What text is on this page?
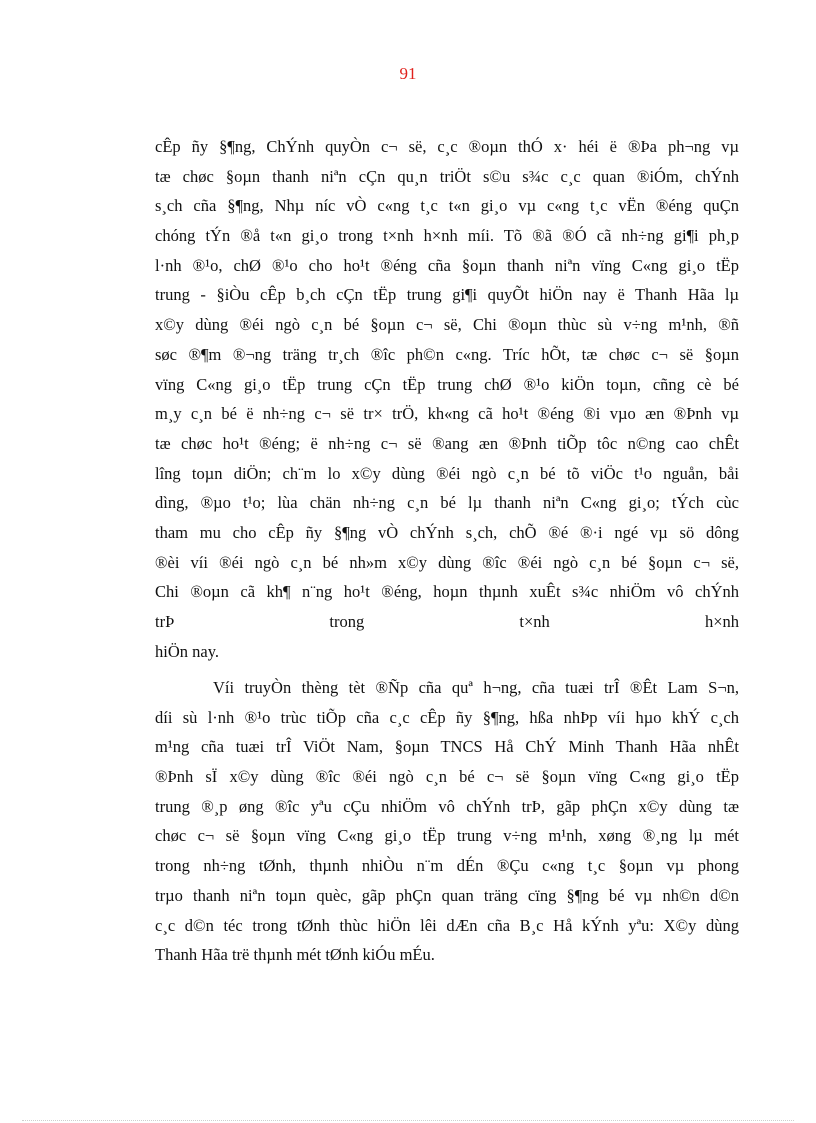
91
cÊp ñy §¶ng, ChÝnh quyÒn c¬ së, c¸c ®oµn thÓ x· héi ë ®Þa ph¬ng vµ
tæ chøc §oµn thanh niªn cÇn qu¸n triÖt s©u s¾c c¸c quan ®iÓm, chÝnh
s¸ch cña §¶ng, Nhµ níc vÒ c«ng t¸c t«n gi¸o vµ c«ng t¸c vËn ®éng quÇn
chóng tÝn ®å t«n gi¸o trong t×nh h×nh míi. Tõ ®ã ®Ó cã nh÷ng gi¶i ph¸p
l·nh ®¹o, chØ ®¹o cho ho¹t ®éng cña §oµn thanh niªn vïng C«ng gi¸o tËp
trung - §iÒu cÊp b¸ch cÇn tËp trung gi¶i quyÕt hiÖn nay ë Thanh Hãa lµ
x©y dùng ®éi ngò c¸n bé §oµn c¬ së, Chi ®oµn thùc sù v÷ng m¹nh, ®ñ
søc ®¶m ®¬ng träng tr¸ch ®îc ph©n c«ng. Tríc hÕt, tæ chøc c¬ së §oµn
vïng C«ng gi¸o tËp trung cÇn tËp trung chØ ®¹o kiÖn toµn, cñng cè bé
m¸y c¸n bé ë nh÷ng c¬ së tr× trÖ, kh«ng cã ho¹t ®éng ®i vµo æn ®Þnh vµ
tæ chøc ho¹t ®éng; ë nh÷ng c¬ së ®ang æn ®Þnh tiÕp tôc n©ng cao chÊt
lîng toµn diÖn; ch¨m lo x©y dùng ®éi ngò c¸n bé tõ viÖc t¹o nguån, båi
dìng, ®µo t¹o; lùa chän nh÷ng c¸n bé lµ thanh niªn C«ng gi¸o; tÝch cùc
tham mu cho cÊp ñy §¶ng vÒ chÝnh s¸ch, chÕ ®é ®·i ngé vµ sö dông
®èi víi ®éi ngò c¸n bé nh»m x©y dùng ®îc ®éi ngò c¸n bé §oµn c¬ së,
Chi ®oµn cã kh¶ n¨ng ho¹t ®éng, hoµn thµnh xuÊt s¾c nhiÖm vô chÝnh
trÞ trong t×nh h×nh
hiÖn nay.
Víi truyÒn thèng tèt ®Ñp cña quª h¬ng, cña tuæi trÎ ®Êt Lam S¬n,
díi sù l·nh ®¹o trùc tiÕp cña c¸c cÊp ñy §¶ng, hßa nhÞp víi hµo khÝ c¸ch
m¹ng cña tuæi trÎ ViÖt Nam, §oµn TNCS Hå ChÝ Minh Thanh Hãa nhÊt
®Þnh sÏ x©y dùng ®îc ®éi ngò c¸n bé c¬ së §oµn vïng C«ng gi¸o tËp
trung ®¸p øng ®îc yªu cÇu nhiÖm vô chÝnh trÞ, gãp phÇn x©y dùng tæ
chøc c¬ së §oµn vïng C«ng gi¸o tËp trung v÷ng m¹nh, xøng ®¸ng lµ mét
trong nh÷ng tØnh, thµnh nhiÒu n¨m dÉn ®Çu c«ng t¸c §oµn vµ phong
trµo thanh niªn toµn quèc, gãp phÇn quan träng cïng §¶ng bé vµ nh©n d©n
c¸c d©n téc trong tØnh thùc hiÖn lêi dÆn cña B¸c Hå kÝnh yªu: X©y dùng
Thanh Hãa trë thµnh mét tØnh kiÓu mÉu.
